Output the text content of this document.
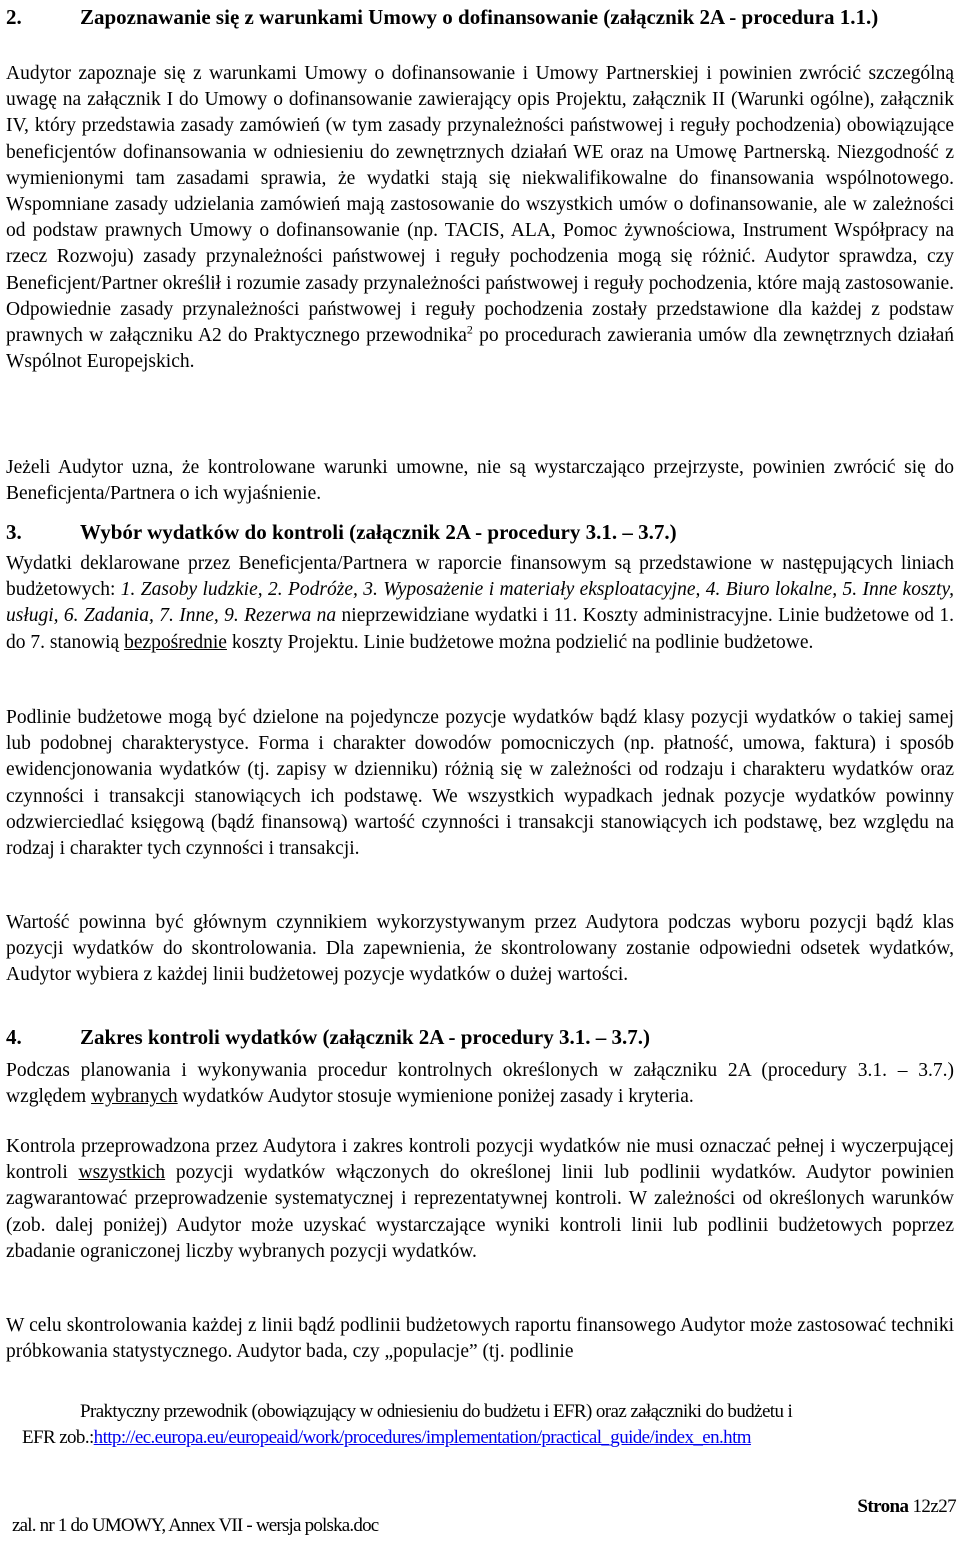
2.	Zapoznawanie się z warunkami Umowy o dofinansowanie (załącznik 2A - procedura 1.1.)

Audytor zapoznaje się z warunkami Umowy o dofinansowanie i Umowy Partnerskiej i powinien zwrócić szczególną uwagę na załącznik I do Umowy o dofinansowanie zawierający opis Projektu, załącznik II (Warunki ogólne), załącznik IV, który przedstawia zasady zamówień (w tym zasady przynależności państwowej i reguły pochodzenia) obowiązujące beneficjentów dofinansowania w odniesieniu do zewnętrznych działań WE oraz na Umowę Partnerską. Niezgodność z wymienionymi tam zasadami sprawia, że wydatki stają się niekwalifikowalne do finansowania wspólnotowego. Wspomniane zasady udzielania zamówień mają zastosowanie do wszystkich umów o dofinansowanie, ale w zależności od podstaw prawnych Umowy o dofinansowanie (np. TACIS, ALA, Pomoc żywnościowa, Instrument Współpracy na rzecz Rozwoju) zasady przynależności państwowej i reguły pochodzenia mogą się różnić. Audytor sprawdza, czy Beneficjent/Partner określił i rozumie zasady przynależności państwowej i reguły pochodzenia, które mają zastosowanie. Odpowiednie zasady przynależności państwowej i reguły pochodzenia zostały przedstawione dla każdej z podstaw prawnych w załączniku A2 do Praktycznego przewodnika$^2$ po procedurach zawierania umów dla zewnętrznych działań Wspólnot Europejskich.

Jeżeli Audytor uzna, że kontrolowane warunki umowne, nie są wystarczająco przejrzyste, powinien zwrócić się do Beneficjenta/Partnera o ich wyjaśnienie.

3.	Wybór wydatków do kontroli (załącznik 2A - procedury 3.1. – 3.7.)

Wydatki deklarowane przez Beneficjenta/Partnera w raporcie finansowym są przedstawione w następujących liniach budżetowych: 1. Zasoby ludzkie, 2. Podróże, 3. Wyposażenie i materiały eksploatacyjne, 4. Biuro lokalne, 5. Inne koszty, usługi, 6. Zadania, 7. Inne, 9. Rezerwa na nieprzewidziane wydatki i 11. Koszty administracyjne. Linie budżetowe od 1. do 7. stanowią bezpośrednie koszty Projektu. Linie budżetowe można podzielić na podlinie budżetowe.

Podlinie budżetowe mogą być dzielone na pojedyncze pozycje wydatków bądź klasy pozycji wydatków o takiej samej lub podobnej charakterystyce. Forma i charakter dowodów pomocniczych (np. płatność, umowa, faktura) i sposób ewidencjonowania wydatków (tj. zapisy w dzienniku) różnią się w zależności od rodzaju i charakteru wydatków oraz czynności i transakcji stanowiących ich podstawę. We wszystkich wypadkach jednak pozycje wydatków powinny odzwierciedlać księgową (bądź finansową) wartość czynności i transakcji stanowiących ich podstawę, bez względu na rodzaj i charakter tych czynności i transakcji.

Wartość powinna być głównym czynnikiem wykorzystywanym przez Audytora podczas wyboru pozycji bądź klas pozycji wydatków do skontrolowania. Dla zapewnienia, że skontrolowany zostanie odpowiedni odsetek wydatków, Audytor wybiera z każdej linii budżetowej pozycje wydatków o dużej wartości.

4.	Zakres kontroli wydatków (załącznik 2A - procedury 3.1. – 3.7.)

Podczas planowania i wykonywania procedur kontrolnych określonych w załączniku 2A (procedury 3.1. – 3.7.) względem wybranych wydatków Audytor stosuje wymienione poniżej zasady i kryteria.

Kontrola przeprowadzona przez Audytora i zakres kontroli pozycji wydatków nie musi oznaczać pełnej i wyczerpującej kontroli wszystkich pozycji wydatków włączonych do określonej linii lub podlinii wydatków. Audytor powinien zagwarantować przeprowadzenie systematycznej i reprezentatywnej kontroli. W zależności od określonych warunków (zob. dalej poniżej) Audytor może uzyskać wystarczające wyniki kontroli linii lub podlinii budżetowych poprzez zbadanie ograniczonej liczby wybranych pozycji wydatków.

W celu skontrolowania każdej z linii bądź podlinii budżetowych raportu finansowego Audytor może zastosować techniki próbkowania statystycznego. Audytor bada, czy „populacje” (tj. podlinie

Praktyczny przewodnik (obowiązujący w odniesieniu do budżetu i EFR) oraz załączniki do budżetu i
EFR zob.:http://ec.europa.eu/europeaid/work/procedures/implementation/practical_guide/index_en.htm
Strona 12z27
zal. nr 1 do UMOWY, Annex VII - wersja polska.doc
